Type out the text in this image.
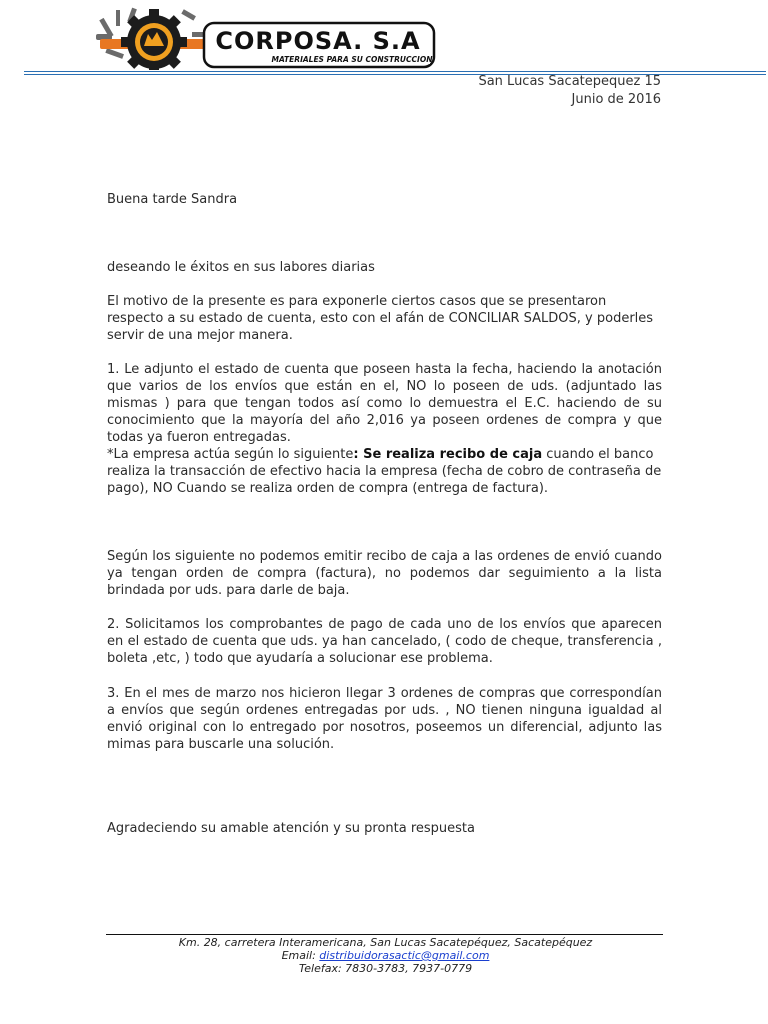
CORPOSA. S.A
MATERIALES PARA SU CONSTRUCCION
San Lucas Sacatepequez 15
Junio de 2016
Buena tarde Sandra
deseando le éxitos en sus labores diarias

El motivo de la presente es para exponerle ciertos casos que se presentaron respecto a su estado de cuenta, esto con el afán de CONCILIAR SALDOS, y poderles servir de una mejor manera.

1. Le adjunto el estado de cuenta que poseen hasta la fecha, haciendo la anotación que varios de los envíos que están en el, NO lo poseen de uds. (adjuntado las mismas ) para que tengan todos así como lo demuestra el E.C. haciendo de su conocimiento que la mayoría del año 2,016 ya poseen ordenes de compra y que todas ya fueron entregadas.

*La empresa actúa según lo siguiente: Se realiza recibo de caja cuando el banco realiza la transacción de efectivo hacia la empresa (fecha de cobro de contraseña de pago), NO Cuando se realiza orden de compra (entrega de factura).

Según los siguiente no podemos emitir recibo de caja a las ordenes de envió cuando ya tengan orden de compra (factura), no podemos dar seguimiento a la lista brindada por uds. para darle de baja.

2. Solicitamos los comprobantes de pago de cada uno de los envíos que aparecen en el estado de cuenta que uds. ya han cancelado, ( codo de cheque, transferencia , boleta ,etc, ) todo que ayudaría a solucionar ese problema.

3. En el mes de marzo nos hicieron llegar 3 ordenes de compras que correspondían a envíos que según ordenes entregadas por uds. , NO tienen ninguna igualdad al envió original con lo entregado por nosotros, poseemos un diferencial, adjunto las mimas para buscarle una solución.

Agradeciendo su amable atención y su pronta respuesta
Km. 28, carretera Interamericana, San Lucas Sacatepéquez, Sacatepéquez
Email: distribuidorasactic@gmail.com
Telefax: 7830-3783, 7937-0779
